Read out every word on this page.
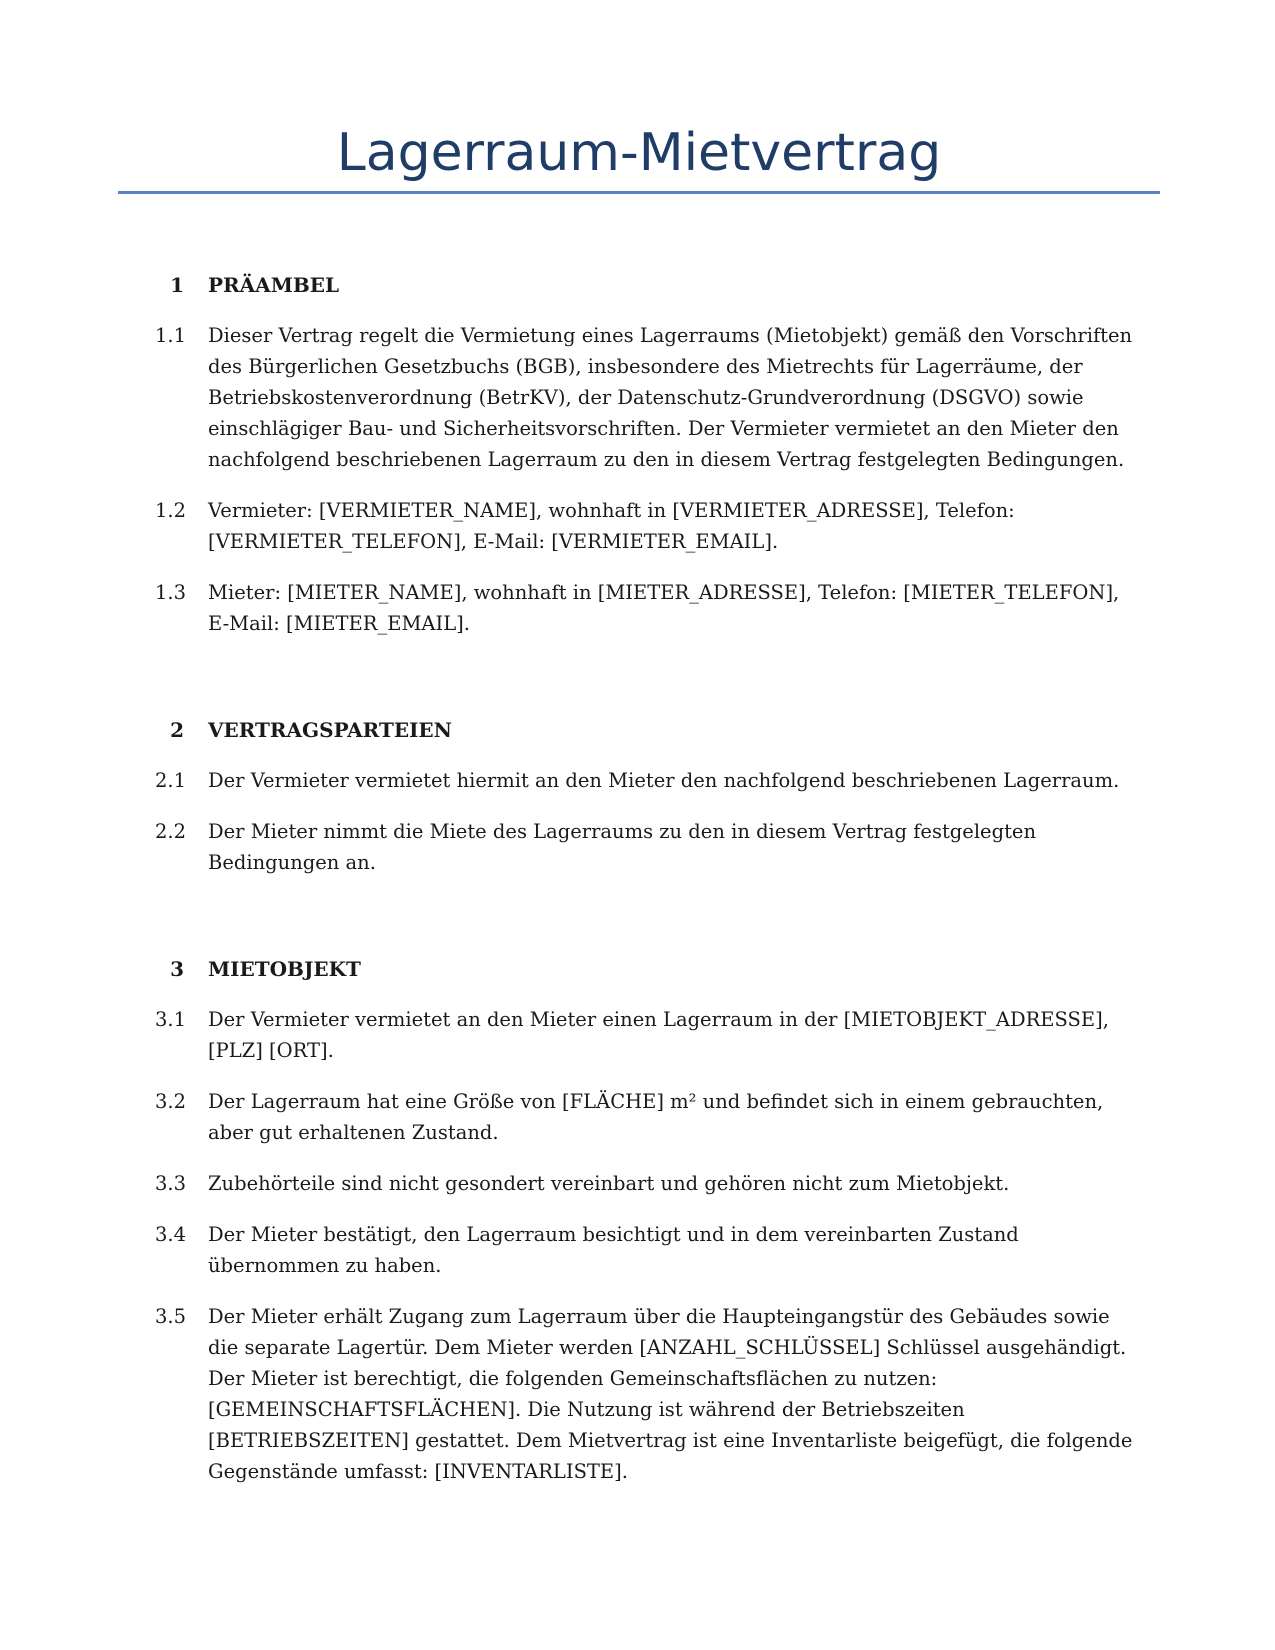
Lagerraum-Mietvertrag
1 PRÄAMBEL
1.1 Dieser Vertrag regelt die Vermietung eines Lagerraums (Mietobjekt) gemäß den Vorschriften des Bürgerlichen Gesetzbuchs (BGB), insbesondere des Mietrechts für Lagerräume, der Betriebskostenverordnung (BetrKV), der Datenschutz-Grundverordnung (DSGVO) sowie einschlägiger Bau- und Sicherheitsvorschriften. Der Vermieter vermietet an den Mieter den nachfolgend beschriebenen Lagerraum zu den in diesem Vertrag festgelegten Bedingungen.
1.2 Vermieter: [VERMIETER_NAME], wohnhaft in [VERMIETER_ADRESSE], Telefon: [VERMIETER_TELEFON], E-Mail: [VERMIETER_EMAIL].
1.3 Mieter: [MIETER_NAME], wohnhaft in [MIETER_ADRESSE], Telefon: [MIETER_TELEFON], E-Mail: [MIETER_EMAIL].
2 VERTRAGSPARTEIEN
2.1 Der Vermieter vermietet hiermit an den Mieter den nachfolgend beschriebenen Lagerraum.
2.2 Der Mieter nimmt die Miete des Lagerraums zu den in diesem Vertrag festgelegten Bedingungen an.
3 MIETOBJEKT
3.1 Der Vermieter vermietet an den Mieter einen Lagerraum in der [MIETOBJEKT_ADRESSE], [PLZ] [ORT].
3.2 Der Lagerraum hat eine Größe von [FLÄCHE] m² und befindet sich in einem gebrauchten, aber gut erhaltenen Zustand.
3.3 Zubehörteile sind nicht gesondert vereinbart und gehören nicht zum Mietobjekt.
3.4 Der Mieter bestätigt, den Lagerraum besichtigt und in dem vereinbarten Zustand übernommen zu haben.
3.5 Der Mieter erhält Zugang zum Lagerraum über die Haupteingangstür des Gebäudes sowie die separate Lagertür. Dem Mieter werden [ANZAHL_SCHLÜSSEL] Schlüssel ausgehändigt. Der Mieter ist berechtigt, die folgenden Gemeinschaftsflächen zu nutzen: [GEMEINSCHAFTSFLÄCHEN]. Die Nutzung ist während der Betriebszeiten [BETRIEBSZEITEN] gestattet. Dem Mietvertrag ist eine Inventarliste beigefügt, die folgende Gegenstände umfasst: [INVENTARLISTE].
